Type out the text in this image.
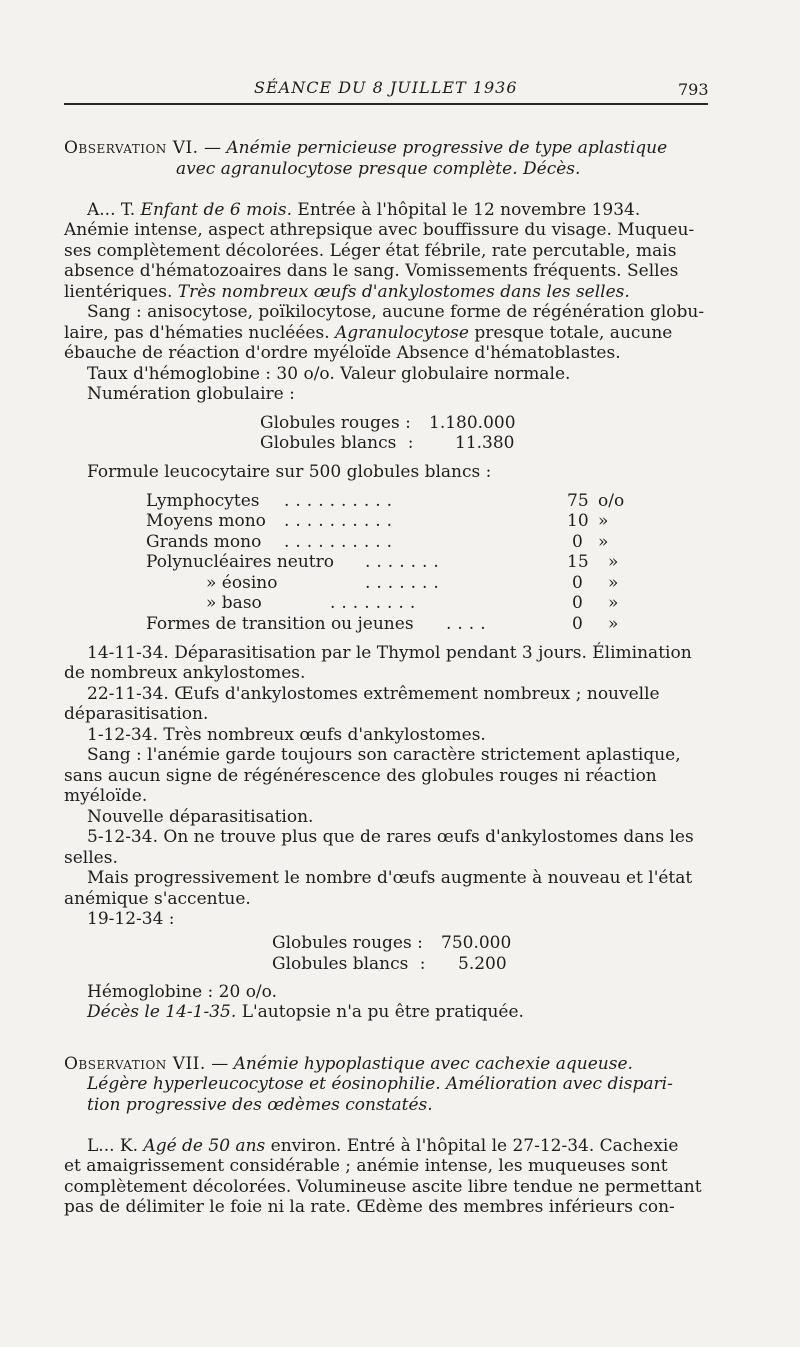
SÉANCE DU 8 JUILLET 1936	793
Observation VI. — Anémie pernicieuse progressive de type aplastique
avec agranulocytose presque complète. Décès.
A... T. Enfant de 6 mois. Entrée à l'hôpital le 12 novembre 1934.
Anémie intense, aspect athrepsique avec bouffissure du visage. Muqueu-
ses complètement décolorées. Léger état fébrile, rate percutable, mais
absence d'hématozoaires dans le sang. Vomissements fréquents. Selles
lientériques. Très nombreux œufs d'ankylostomes dans les selles.
Sang : anisocytose, poïkilocytose, aucune forme de régénération globu-
laire, pas d'hématies nucléées. Agranulocytose presque totale, aucune
ébauche de réaction d'ordre myéloïde Absence d'hématoblastes.
Taux d'hémoglobine : 30 o/o. Valeur globulaire normale.
Numération globulaire :
Globules rouges : 1.180.000
Globules blancs : 11.380
Formule leucocytaire sur 500 globules blancs :
Lymphocytes ..........	75 o/o
Moyens mono ..........	10 »
Grands mono ..........	0 »
Polynucléaires neutro .......	15 »
» éosino	.......	0 »
» baso	........	0 »
Formes de transition ou jeunes ....	0 »
14-11-34. Déparasitisation par le Thymol pendant 3 jours. Élimination
de nombreux ankylostomes.
22-11-34. Œufs d'ankylostomes extrêmement nombreux ; nouvelle
déparasitisation.
1-12-34. Très nombreux œufs d'ankylostomes.
Sang : l'anémie garde toujours son caractère strictement aplastique,
sans aucun signe de régénérescence des globules rouges ni réaction
myéloïde.
Nouvelle déparasitisation.
5-12-34. On ne trouve plus que de rares œufs d'ankylostomes dans les
selles.
Mais progressivement le nombre d'œufs augmente à nouveau et l'état
anémique s'accentue.
19-12-34 :
Globules rouges : 750.000
Globules blancs : 5.200
Hémoglobine : 20 o/o.
Décès le 14-1-35. L'autopsie n'a pu être pratiquée.
Observation VII. — Anémie hypoplastique avec cachexie aqueuse.
Légère hyperleucocytose et éosinophilie. Amélioration avec dispari-
tion progressive des œdèmes constatés.
L... K. Agé de 50 ans environ. Entré à l'hôpital le 27-12-34. Cachexie
et amaigrissement considérable ; anémie intense, les muqueuses sont
complètement décolorées. Volumineuse ascite libre tendue ne permettant
pas de délimiter le foie ni la rate. Œdème des membres inférieurs con-
